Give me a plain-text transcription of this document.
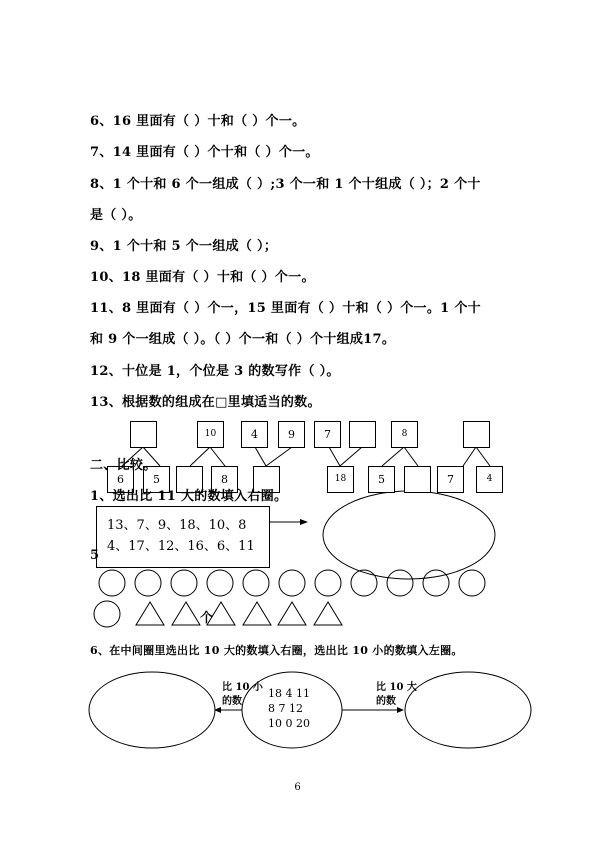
6、16 里面有（ ）十和（ ）个一。
7、14 里面有（ ）个十和（ ）个一。
8、1 个十和 6 个一组成（ ）;3 个一和 1 个十组成（ ）；2 个十
是（ ）。
9、1 个十和 5 个一组成（ ）；
10、18 里面有（ ）十和（ ）个一。
11、8 里面有（ ）个一，15 里面有（ ）十和（ ）个一。1 个十
和 9 个一组成（ ）。（ ）个一和（ ）个十组成17。
12、十位是 1，个位是 3 的数写作（ ）。
13、根据数的组成在□里填适当的数。
6	5
10
8
4	9	7
18
8
5	7	4
二、比较。
1、选出比 11 大的数填入右圈。
13、7、9、18、10、8
4、17、12、16、6、11
5
个
6、在中间圈里选出比 10 大的数填入右圈，选出比 10 小的数填入左圈。
比 10 小
的数
比 10 大
的数
18 4 11
8 7 12
10 0 20
6
